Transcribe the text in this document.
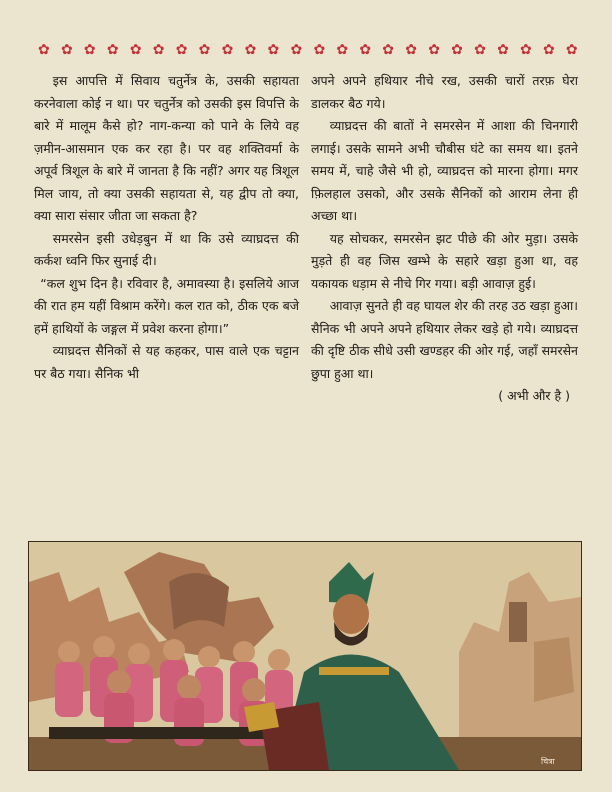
✿ ✿ ✿ ✿ ✿ ✿ ✿ ✿ ✿ ✿ ✿ ✿ ✿ ✿ ✿ ✿ ✿ ✿ ✿ ✿ ✿ ✿ ✿ ✿

इस आपत्ति में सिवाय चतुर्नेत्र के, उसकी सहायता करनेवाला कोई न था। पर चतुर्नेत्र को उसकी इस विपत्ति के बारे में मालूम कैसे हो? नाग-कन्या को पाने के लिये वह ज़मीन-आसमान एक कर रहा है। पर वह शक्तिवर्मा के अपूर्व त्रिशूल के बारे में जानता है कि नहीं? अगर यह त्रिशूल मिल जाय, तो क्या उसकी सहायता से, यह द्वीप तो क्या, क्या सारा संसार जीता जा सकता है?

समरसेन इसी उधेड़बुन में था कि उसे व्याघ्रदत्त की कर्कश ध्वनि फिर सुनाई दी।

“कल शुभ दिन है। रविवार है, अमावस्या है। इसलिये आज की रात हम यहीं विश्राम करेंगे। कल रात को, ठीक एक बजे हमें हाथियों के जङ्गल में प्रवेश करना होगा।”

व्याघ्रदत्त सैनिकों से यह कहकर, पास वाले एक चट्टान पर बैठ गया। सैनिक भी

अपने अपने हथियार नीचे रख, उसकी चारों तरफ़ घेरा डालकर बैठ गये।

व्याघ्रदत्त की बातों ने समरसेन में आशा की चिनगारी लगाई। उसके सामने अभी चौबीस घंटे का समय था। इतने समय में, चाहे जैसे भी हो, व्याघ्रदत्त को मारना होगा। मगर फ़िलहाल उसको, और उसके सैनिकों को आराम लेना ही अच्छा था।

यह सोचकर, समरसेन झट पीछे की ओर मुड़ा। उसके मुड़ते ही वह जिस खम्भे के सहारे खड़ा हुआ था, वह यकायक धड़ाम से नीचे गिर गया। बड़ी आवाज़ हुई।

आवाज़ सुनते ही वह घायल शेर की तरह उठ खड़ा हुआ। सैनिक भी अपने अपने हथियार लेकर खड़े हो गये। व्याघ्रदत्त की दृष्टि ठीक सीधे उसी खण्डहर की ओर गई, जहाँ समरसेन छुपा हुआ था।

( अभी और है )

चित्रा
